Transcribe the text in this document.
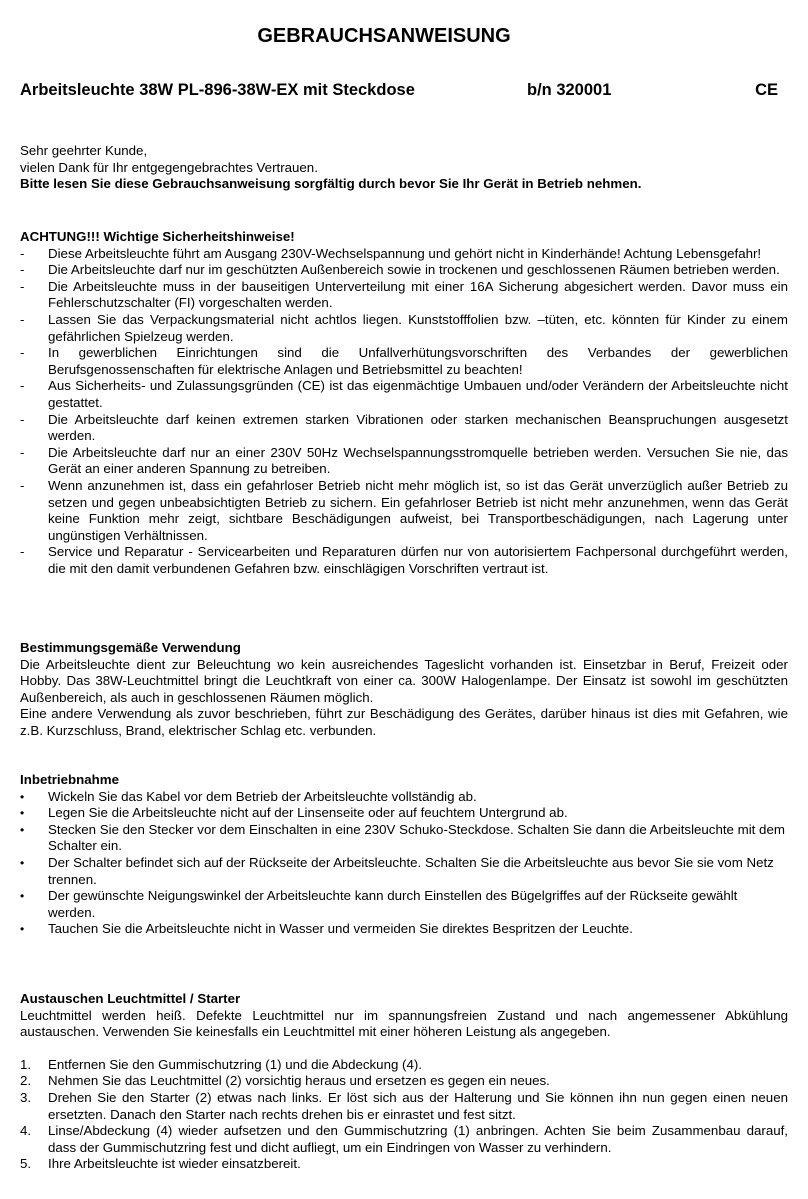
GEBRAUCHSANWEISUNG
Arbeitsleuchte 38W PL-896-38W-EX mit Steckdose	b/n 320001	CE

Sehr geehrter Kunde,

vielen Dank für Ihr entgegengebrachtes Vertrauen.

Bitte lesen Sie diese Gebrauchsanweisung sorgfältig durch bevor Sie Ihr Gerät in Betrieb nehmen.

ACHTUNG!!! Wichtige Sicherheitshinweise!

-	Diese Arbeitsleuchte führt am Ausgang 230V-Wechselspannung und gehört nicht in Kinderhände! Achtung Lebensgefahr!
-	Die Arbeitsleuchte darf nur im geschützten Außenbereich sowie in trockenen und geschlossenen Räumen betrieben werden.
-	Die Arbeitsleuchte muss in der bauseitigen Unterverteilung mit einer 16A Sicherung abgesichert werden. Davor muss ein Fehlerschutzschalter (FI) vorgeschalten werden.
-	Lassen Sie das Verpackungsmaterial nicht achtlos liegen. Kunststofffolien bzw. –tüten, etc. könnten für Kinder zu einem gefährlichen Spielzeug werden.
-	In gewerblichen Einrichtungen sind die Unfallverhütungsvorschriften des Verbandes der gewerblichen Berufsgenossenschaften für elektrische Anlagen und Betriebsmittel zu beachten!
-	Aus Sicherheits- und Zulassungsgründen (CE) ist das eigenmächtige Umbauen und/oder Verändern der Arbeitsleuchte nicht gestattet.
-	Die Arbeitsleuchte darf keinen extremen starken Vibrationen oder starken mechanischen Beanspruchungen ausgesetzt werden.
-	Die Arbeitsleuchte darf nur an einer 230V 50Hz Wechselspannungsstromquelle betrieben werden. Versuchen Sie nie, das Gerät an einer anderen Spannung zu betreiben.
-	Wenn anzunehmen ist, dass ein gefahrloser Betrieb nicht mehr möglich ist, so ist das Gerät unverzüglich außer Betrieb zu setzen und gegen unbeabsichtigten Betrieb zu sichern. Ein gefahrloser Betrieb ist nicht mehr anzunehmen, wenn das Gerät keine Funktion mehr zeigt, sichtbare Beschädigungen aufweist, bei Transportbeschädigungen, nach Lagerung unter ungünstigen Verhältnissen.
-	Service und Reparatur - Servicearbeiten und Reparaturen dürfen nur von autorisiertem Fachpersonal durchgeführt werden, die mit den damit verbundenen Gefahren bzw. einschlägigen Vorschriften vertraut ist.

Bestimmungsgemäße Verwendung

Die Arbeitsleuchte dient zur Beleuchtung wo kein ausreichendes Tageslicht vorhanden ist. Einsetzbar in Beruf, Freizeit oder Hobby. Das 38W-Leuchtmittel bringt die Leuchtkraft von einer ca. 300W Halogenlampe. Der Einsatz ist sowohl im geschützten Außenbereich, als auch in geschlossenen Räumen möglich.

Eine andere Verwendung als zuvor beschrieben, führt zur Beschädigung des Gerätes, darüber hinaus ist dies mit Gefahren, wie z.B. Kurzschluss, Brand, elektrischer Schlag etc. verbunden.

Inbetriebnahme

•	Wickeln Sie das Kabel vor dem Betrieb der Arbeitsleuchte vollständig ab.
•	Legen Sie die Arbeitsleuchte nicht auf der Linsenseite oder auf feuchtem Untergrund ab.
•	Stecken Sie den Stecker vor dem Einschalten in eine 230V Schuko-Steckdose. Schalten Sie dann die Arbeitsleuchte mit dem Schalter ein.
•	Der Schalter befindet sich auf der Rückseite der Arbeitsleuchte. Schalten Sie die Arbeitsleuchte aus bevor Sie sie vom Netz trennen.
•	Der gewünschte Neigungswinkel der Arbeitsleuchte kann durch Einstellen des Bügelgriffes auf der Rückseite gewählt werden.
•	Tauchen Sie die Arbeitsleuchte nicht in Wasser und vermeiden Sie direktes Bespritzen der Leuchte.

Austauschen Leuchtmittel / Starter

Leuchtmittel werden heiß. Defekte Leuchtmittel nur im spannungsfreien Zustand und nach angemessener Abkühlung austauschen. Verwenden Sie keinesfalls ein Leuchtmittel mit einer höheren Leistung als angegeben.

1.	Entfernen Sie den Gummischutzring (1) und die Abdeckung (4).
2.	Nehmen Sie das Leuchtmittel (2) vorsichtig heraus und ersetzen es gegen ein neues.
3.	Drehen Sie den Starter (2) etwas nach links. Er löst sich aus der Halterung und Sie können ihn nun gegen einen neuen ersetzten. Danach den Starter nach rechts drehen bis er einrastet und fest sitzt.
4.	Linse/Abdeckung (4) wieder aufsetzen und den Gummischutzring (1) anbringen. Achten Sie beim Zusammenbau darauf, dass der Gummischutzring fest und dicht aufliegt, um ein Eindringen von Wasser zu verhindern.
5.	Ihre Arbeitsleuchte ist wieder einsatzbereit.
